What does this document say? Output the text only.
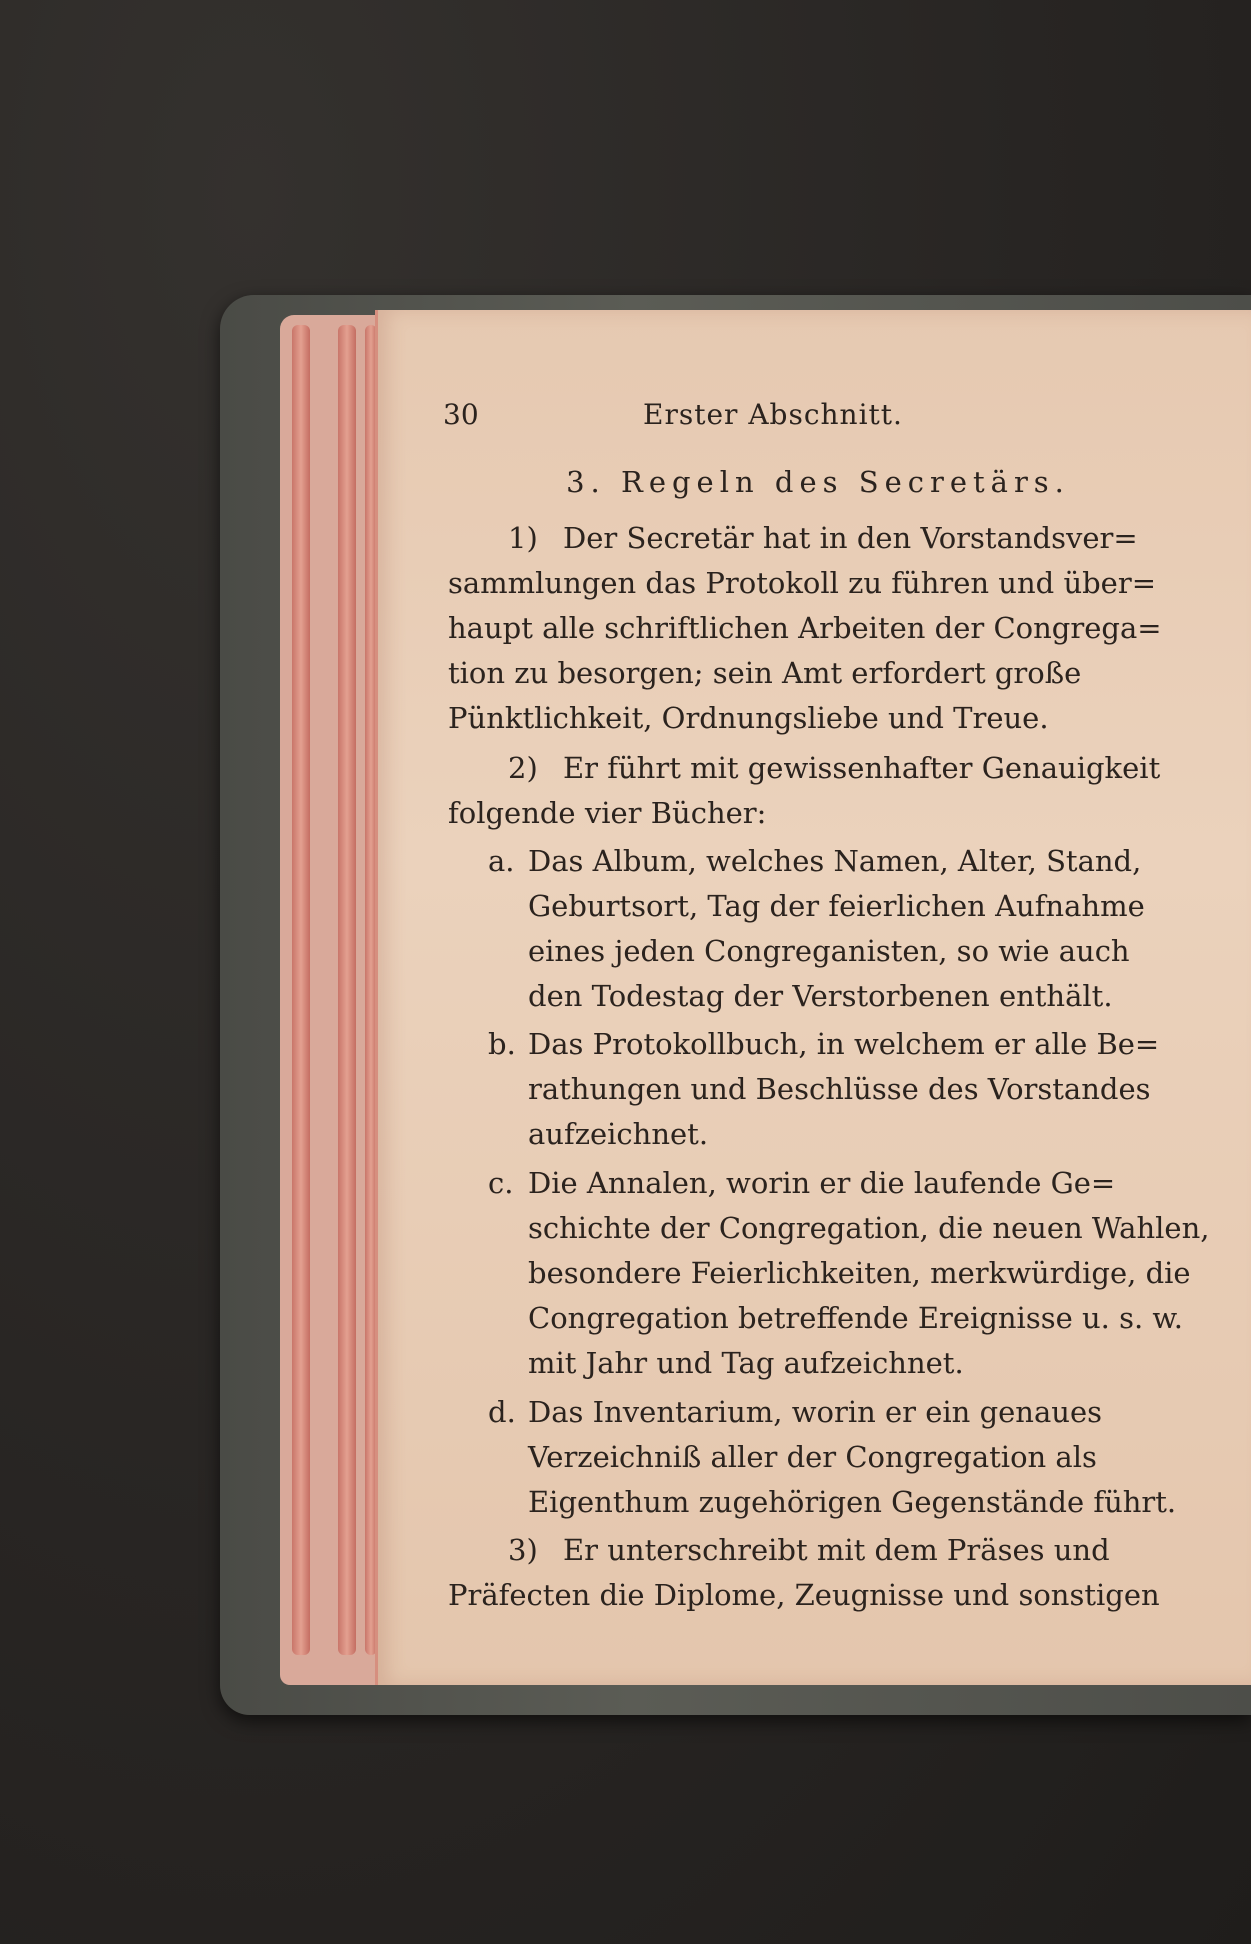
30	Erster Abschnitt.
3. Regeln des Secretärs.
1) Der Secretär hat in den Vorstandsver=
sammlungen das Protokoll zu führen und über=
haupt alle schriftlichen Arbeiten der Congrega=
tion zu besorgen; sein Amt erfordert große
Pünktlichkeit, Ordnungsliebe und Treue.
2) Er führt mit gewissenhafter Genauigkeit
folgende vier Bücher:
a. Das Album, welches Namen, Alter, Stand,
Geburtsort, Tag der feierlichen Aufnahme
eines jeden Congreganisten, so wie auch
den Todestag der Verstorbenen enthält.
b. Das Protokollbuch, in welchem er alle Be=
rathungen und Beschlüsse des Vorstandes
aufzeichnet.
c. Die Annalen, worin er die laufende Ge=
schichte der Congregation, die neuen Wahlen,
besondere Feierlichkeiten, merkwürdige, die
Congregation betreffende Ereignisse u. s. w.
mit Jahr und Tag aufzeichnet.
d. Das Inventarium, worin er ein genaues
Verzeichniß aller der Congregation als
Eigenthum zugehörigen Gegenstände führt.
3) Er unterschreibt mit dem Präses und
Präfecten die Diplome, Zeugnisse und sonstigen
